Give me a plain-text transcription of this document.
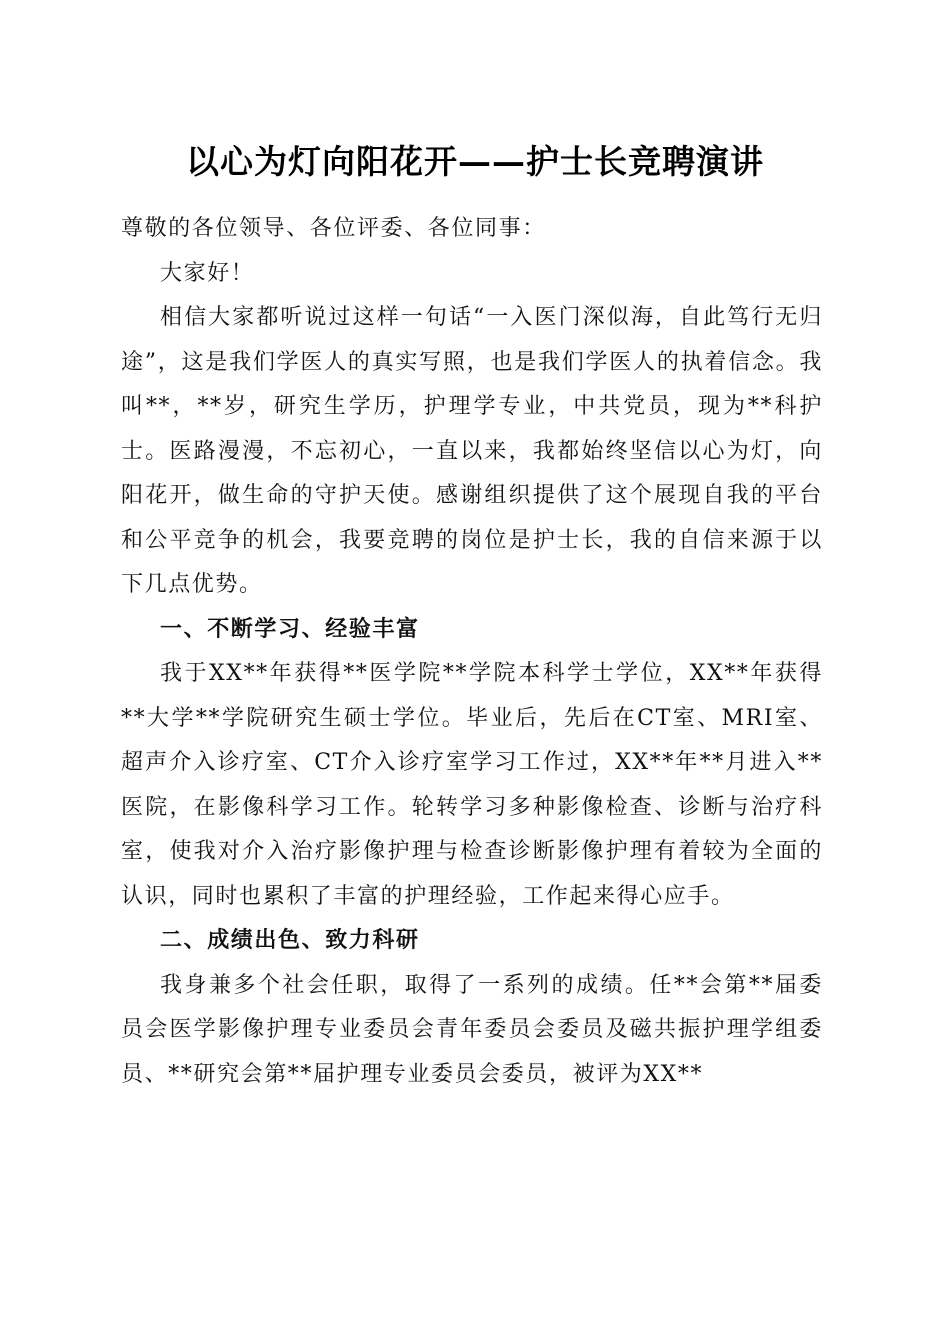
以心为灯向阳花开——护士长竞聘演讲

尊敬的各位领导、各位评委、各位同事：

大家好！

相信大家都听说过这样一句话“一入医门深似海，自此笃行无归途”，这是我们学医人的真实写照，也是我们学医人的执着信念。我叫**，**岁，研究生学历，护理学专业，中共党员，现为**科护士。医路漫漫，不忘初心，一直以来，我都始终坚信以心为灯，向阳花开，做生命的守护天使。感谢组织提供了这个展现自我的平台和公平竞争的机会，我要竞聘的岗位是护士长，我的自信来源于以下几点优势。

一、不断学习、经验丰富

我于XX**年获得**医学院**学院本科学士学位，XX**年获得**大学**学院研究生硕士学位。毕业后，先后在CT室、MRI室、超声介入诊疗室、CT介入诊疗室学习工作过，XX**年**月进入**医院，在影像科学习工作。轮转学习多种影像检查、诊断与治疗科室，使我对介入治疗影像护理与检查诊断影像护理有着较为全面的认识，同时也累积了丰富的护理经验，工作起来得心应手。

二、成绩出色、致力科研

我身兼多个社会任职，取得了一系列的成绩。任**会第**届委员会医学影像护理专业委员会青年委员会委员及磁共振护理学组委员、**研究会第**届护理专业委员会委员，被评为XX**
